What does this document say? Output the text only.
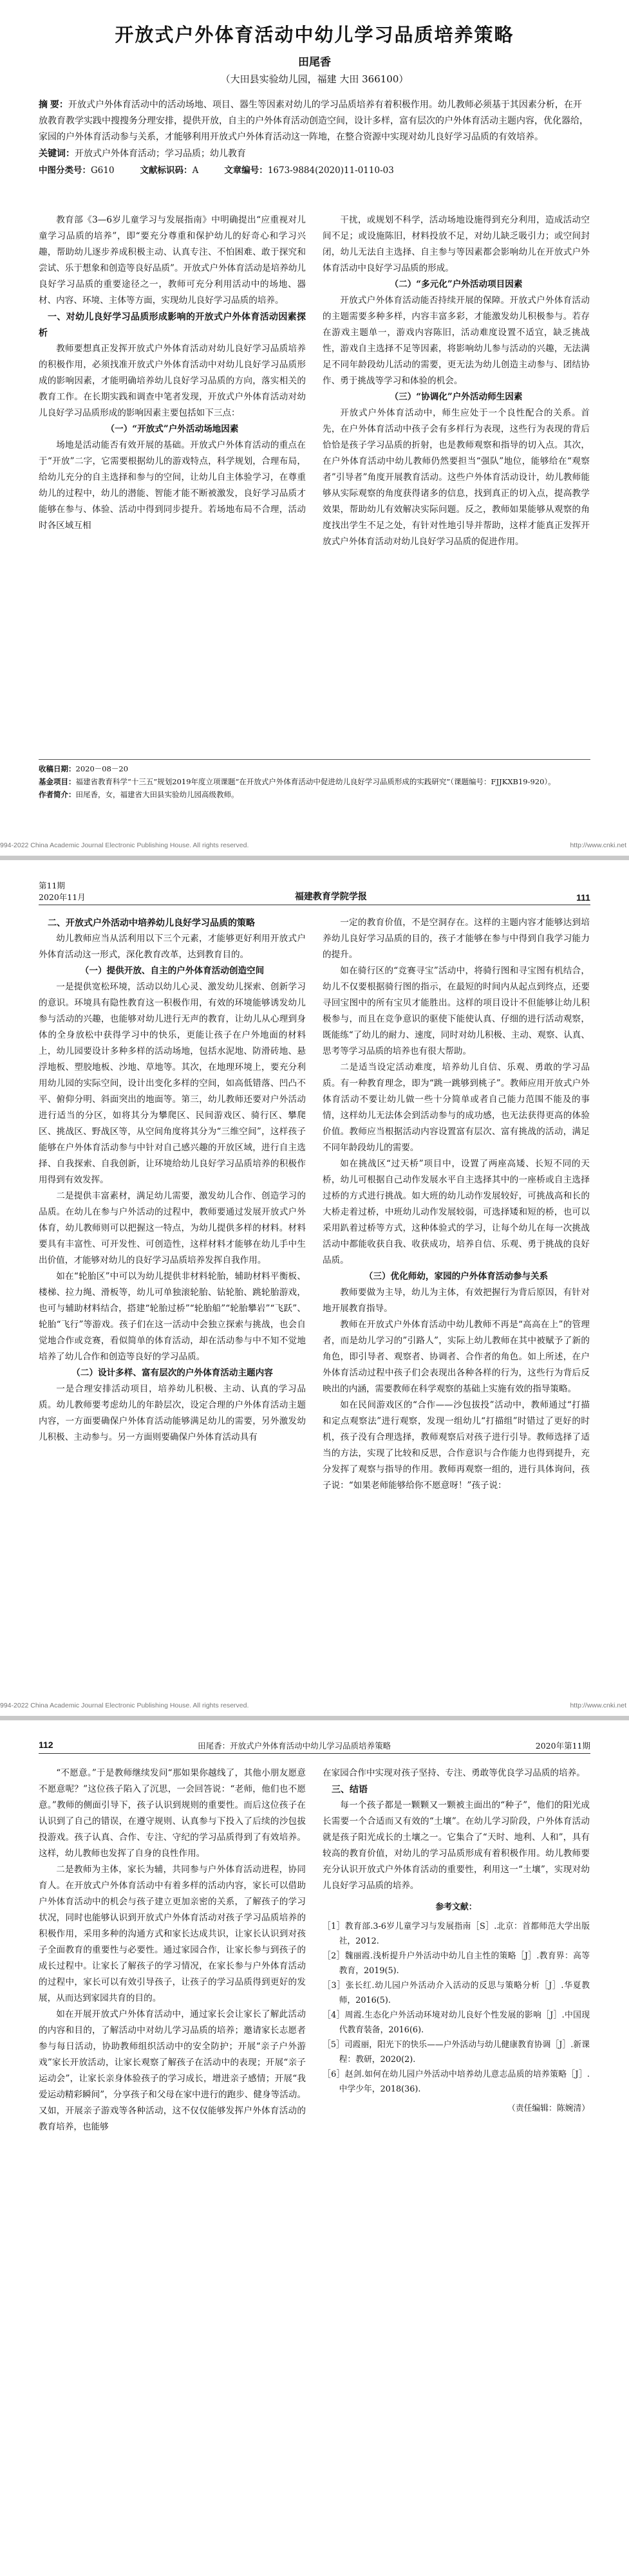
开放式户外体育活动中幼儿学习品质培养策略
田尾香
（大田县实验幼儿园，福建 大田 366100）
摘 要：开放式户外体育活动中的活动场地、项目、器生等因素对幼儿的学习品质培养有着积极作用。幼儿教师必须基于其因素分析，在开放教育教学实践中搜搜务分理安排，提供开放，自主的户外体育活动创造空间，设计多样，富有层次的户外体育活动主题内容，优化器给，家园的户外体育活动参与关系，才能够利用开放式户外体育活动这一阵地，在整合资源中实现对幼儿良好学习品质的有效培养。
关键词：开放式户外体育活动；学习品质；幼儿教育
中图分类号：G610	文献标识码：A	文章编号：1673-9884(2020)11-0110-03

教育部《3—6岁儿童学习与发展指南》中明确提出“应重视对儿童学习品质的培养”，即“要充分尊重和保护幼儿的好奇心和学习兴趣，帮助幼儿逐步养成积极主动、认真专注、不怕困难、敢于探究和尝试、乐于想象和创造等良好品质”。开放式户外体育活动是培养幼儿良好学习品质的重要途径之一，教师可充分利用活动中的场地、器材、内容、环境、主体等方面，实现幼儿良好学习品质的培养。

一、对幼儿良好学习品质形成影响的开放式户外体育活动因素探析

教师要想真正发挥开放式户外体育活动对幼儿良好学习品质培养的积极作用，必须找准开放式户外体育活动中对幼儿良好学习品质形成的影响因素，才能明确培养幼儿良好学习品质的方向，落实相关的教育工作。在长期实践和调查中笔者发现，开放式户外体育活动对幼儿良好学习品质形成的影响因素主要包括如下三点：

（一）“开放式”户外活动场地因素

场地是活动能否有效开展的基础。开放式户外体育活动的重点在于“开放”二字，它需要根据幼儿的游戏特点，科学规划，合理布局，给幼儿充分的自主选择和参与的空间，让幼儿自主体验学习，在尊重幼儿的过程中，幼儿的潜能、智能才能不断被激发，良好学习品质才能够在参与、体验、活动中得到同步提升。若场地布局不合理，活动时各区域互相

干扰，或规划不科学，活动场地设施得到充分利用，造成活动空间不足；或设施陈旧，材料投放不足，对幼儿缺乏吸引力；或空间封闭，幼儿无法自主选择、自主参与等因素都会影响幼儿在开放式户外体育活动中良好学习品质的形成。

（二）“多元化”户外活动项目因素

开放式户外体育活动能否持续开展的保障。开放式户外体育活动的主题需要多种多样，内容丰富多彩，才能激发幼儿积极参与。若存在游戏主题单一，游戏内容陈旧，活动难度设置不适宜，缺乏挑战性，游戏自主选择不足等因素，将影响幼儿参与活动的兴趣，无法满足不同年龄段幼儿活动的需要，更无法为幼儿创造主动参与、团结协作、勇于挑战等学习和体验的机会。

（三）“协调化”户外活动师生因素

开放式户外体育活动中，师生应处于一个良性配合的关系。首先，在户外体育活动中孩子会有多样行为表现，这些行为表现的背后恰恰是孩子学习品质的折射，也是教师观察和指导的切入点。其次，在户外体育活动中幼儿教师仍然要担当“强队”地位，能够给在“观察者”引导者”角度开展教育活动。这些户外体育活动设计，幼儿教师能够从实际观察的角度获得诸多的信息，找到真正的切入点，提高教学效果，帮助幼儿有效解决实际问题。反之，教师如果能够从观察的角度找出学生不足之处，有针对性地引导并帮助，这样才能真正发挥开放式户外体育活动对幼儿良好学习品质的促进作用。

收稿日期：2020－08－20
基金项目：福建省教育科学“十三五”规划2019年度立项课题“在开放式户外体育活动中促进幼儿良好学习品质形成的实践研究”（课题编号：FJJKXB19-920）。
作者简介：田尾香，女，福建省大田县实验幼儿园高级教师。
994-2022 China Academic Journal Electronic Publishing House. All rights reserved.	http://www.cnki.net
第11期
2020年11月	福建教育学院学报	111
二、开放式户外活动中培养幼儿良好学习品质的策略

幼儿教师应当从活利用以下三个元素，才能够更好利用开放式户外体育活动这一形式，深化教育改革，达到教育目的。

（一）提供开放、自主的户外体育活动创造空间

一是提供宽松环境，活动以幼儿心灵、激发幼儿探索、创新学习的意识。环境具有隐性教育这一积极作用，有效的环境能够诱发幼儿参与活动的兴趣，也能够对幼儿进行无声的教育，让幼儿从心理到身体的全身放松中获得学习中的快乐，更能让孩子在户外地面的材料上，幼儿园要设计多种多样的活动场地，包括水泥地、防滑砖地、悬浮地板、塑胶地板、沙地、草地等。其次，在地理环境上，要充分利用幼儿园的实际空间，设计出变化多样的空间，如高低错落、凹凸不平、俯仰分明、斜面突出的地面等。第三，幼儿教师还要对户外活动进行适当的分区，如将其分为攀爬区、民间游戏区、骑行区、攀爬区、挑战区、野战区等，从空间角度将其分为“三维空间”，这样孩子能够在户外体育活动参与中针对自己感兴趣的开放区域，进行自主选择、自我探索、自我创新，让环境给幼儿良好学习品质培养的积极作用得到有效发挥。

二是提供丰富素材，满足幼儿需要，激发幼儿合作、创造学习的品质。在幼儿在参与户外活动的过程中，教师要通过发展开放式户外体育，幼儿教师则可以把握这一特点，为幼儿提供多样的材料。材料要具有丰富性、可开发性、可创造性，这样材料才能够在幼儿手中生出价值，才能够对幼儿的良好学习品质培养发挥自我作用。

如在“轮胎区”中可以为幼儿提供非材料轮胎，辅助材料平衡板、楼梯、拉力绳、滑板等，幼儿可单独滚轮胎、钻轮胎、跳轮胎游戏，也可与辅助材料结合，搭建“轮胎过桥”“轮胎船”“轮胎攀岩”“飞跃”、轮胎“飞行”等游戏。孩子们在这一活动中会独立探索与挑战，也会自觉地合作或竞赛，看似简单的体育活动，却在活动参与中不知不觉地培养了幼儿合作和创造等良好的学习品质。

（二）设计多样、富有层次的户外体育活动主题内容

一是合理安排活动项目，培养幼儿积极、主动、认真的学习品质。幼儿教师要考虑幼儿的年龄层次，设定合理的户外体育活动主题内容，一方面要确保户外体育活动能够满足幼儿的需要，另外激发幼儿积极、主动参与。另一方面则要确保户外体育活动具有

一定的教育价值，不是空洞存在。这样的主题内容才能够达到培养幼儿良好学习品质的目的，孩子才能够在参与中得到自我学习能力的提升。

如在骑行区的“竞赛寻宝”活动中，将骑行图和寻宝图有机结合，幼儿不仅要根据骑行图的指示，在最短的时间内从起点到终点，还要寻回宝图中的所有宝贝才能胜出。这样的项目设计不但能够让幼儿积极参与，而且在竞争意识的驱使下能使认真、仔细的进行活动观察，既能练“了幼儿的耐力、速度，同时对幼儿积极、主动、观察、认真、思考等学习品质的培养也有很大帮助。

二是适当设定活动难度，培养幼儿自信、乐观、勇敢的学习品质。有一种教育理念，即为“跳一跳够到桃子”。教师应用开放式户外体育活动不要让幼儿做一些十分简单或者自己能力范围不能及的事情，这样幼儿无法体会到活动参与的成功感，也无法获得更高的体验价值。教师应当根据活动内容设置富有层次、富有挑战的活动，满足不同年龄段幼儿的需要。

如在挑战区“过天桥”项目中，设置了两座高矮、长短不同的天桥，幼儿可根据自己动作发展水平自主选择其中的一座桥或自主选择过桥的方式进行挑战。如大班的幼儿动作发展较好，可挑战高和长的大桥走着过桥，中班幼儿动作发展较弱，可选择矮和短的桥，也可以采用趴着过桥等方式，这种体验式的学习，让每个幼儿在每一次挑战活动中都能收获自我、收获成功，培养自信、乐观、勇于挑战的良好品质。

（三）优化师幼，家园的户外体育活动参与关系

教师要做为主导，幼儿为主体，有效把握行为背后原因，有针对地开展教育指导。

教师在开放式户外体育活动中幼儿教师不再是“高高在上”的管理者，而是幼儿学习的”引路人”，实际上幼儿教师在其中被赋予了新的角色，即引导者、观察者、协调者、合作者的角色。如上所述，在户外体育活动过程中孩子们会表现出各种各样的行为，这些行为背后反映出的内涵，需要教师在科学观察的基础上实施有效的指导策略。

如在民间游戏区的“合作——沙包拔投”活动中，教师通过“打描和定点观察法”进行观察，发现一组幼儿“打描组”时错过了更好的时机，孩子没有合理选择，教师观察后对孩子进行引导。教师选择了适当的方法，实现了比较和反思，合作意识与合作能力也得到提升，充分发挥了观察与指导的作用。教师再观察一组的，进行具体询问，孩子说：“如果老师能够给你不愿意呀！”孩子说：

994-2022 China Academic Journal Electronic Publishing House. All rights reserved.	http://www.cnki.net
112	田尾香：开放式户外体育活动中幼儿学习品质培养策略	2020年第11期

“不愿意。”于是教师继续发问“那如果你越线了，其他小朋友愿意不愿意呢？”这位孩子陷入了沉思，一会回答说：“老师，他们也不愿意。”教师的侧面引导下，孩子认识到规则的重要性。而后这位孩子在认识到了自己的错误，在遵守规则、认真参与下投入了后续的沙包拔投游戏。孩子认真、合作、专注、守纪的学习品质得到了有效培养。这样，幼儿教师也发挥了自身的良性作用。

二是教师为主体，家长为辅，共同参与户外体育活动进程，协同育人。在开放式户外体育活动中有着多样的活动内容，家长可以借助户外体育活动中的机会与孩子建立更加亲密的关系，了解孩子的学习状况，同时也能够认识到开放式户外体育活动对孩子学习品质培养的积极作用，采用多种的沟通方式和家长达成共识，让家长认识到对孩子全面教育的重要性与必要性。通过家园合作，让家长参与到孩子的成长过程中。让家长了解孩子的学习情况，在家长参与户外体育活动的过程中，家长可以有效引导孩子，让孩子的学习品质得到更好的发展，从而达到家园共育的目的。

如在开展开放式户外体育活动中，通过家长会让家长了解此活动的内容和目的，了解活动中对幼儿学习品质的培养；邀请家长志愿者参与每日活动，协助教师组织活动中的安全防护；开展“亲子户外游戏”家长开放活动，让家长观察了解孩子在活动中的表现；开展“亲子运动会”，让家长亲身体验孩子的学习成长，增进亲子感情；开展“我爱运动精彩瞬间”，分享孩子和父母在家中进行的跑步、健身等活动。又如，开展亲子游戏等各种活动，这不仅仅能够发挥户外体育活动的教育培养，也能够

在家园合作中实现对孩子坚持、专注、勇敢等优良学习品质的培养。

三、结语

每一个孩子都是一颗颗又一颗被主面出的“种子”，他们的阳光成长需要一个合适而又有效的“土壤”。在幼儿学习阶段，户外体育活动就是孩子阳光成长的土壤之一。它集合了“天时、地利、人和”，具有较高的教育价值，对幼儿的学习品质形成有着积极作用。幼儿教师要充分认识开放式户外体育活动的重要性，利用这一“土壤”，实现对幼儿良好学习品质的培养。

参考文献：
［1］教育部.3-6岁儿童学习与发展指南［S］.北京：首都师范大学出版社，2012.
［2］魏丽霞.浅析提升户外活动中幼儿自主性的策略［J］.教育界：高等教育，2019(5).
［3］张长红.幼儿园户外活动介入活动的反思与策略分析［J］.华夏教师，2016(5).
［4］周霞.生态化户外活动环境对幼儿良好个性发展的影响［J］.中国现代教育装备，2016(6).
［5］司霞丽，阳光下的快乐——户外活动与幼儿健康教育协调［J］.新课程：教研，2020(2).
［6］赵剑.如何在幼儿园户外活动中培养幼儿意志品质的培养策略［J］.中学少年，2018(36).
（责任编辑：陈婉清）
